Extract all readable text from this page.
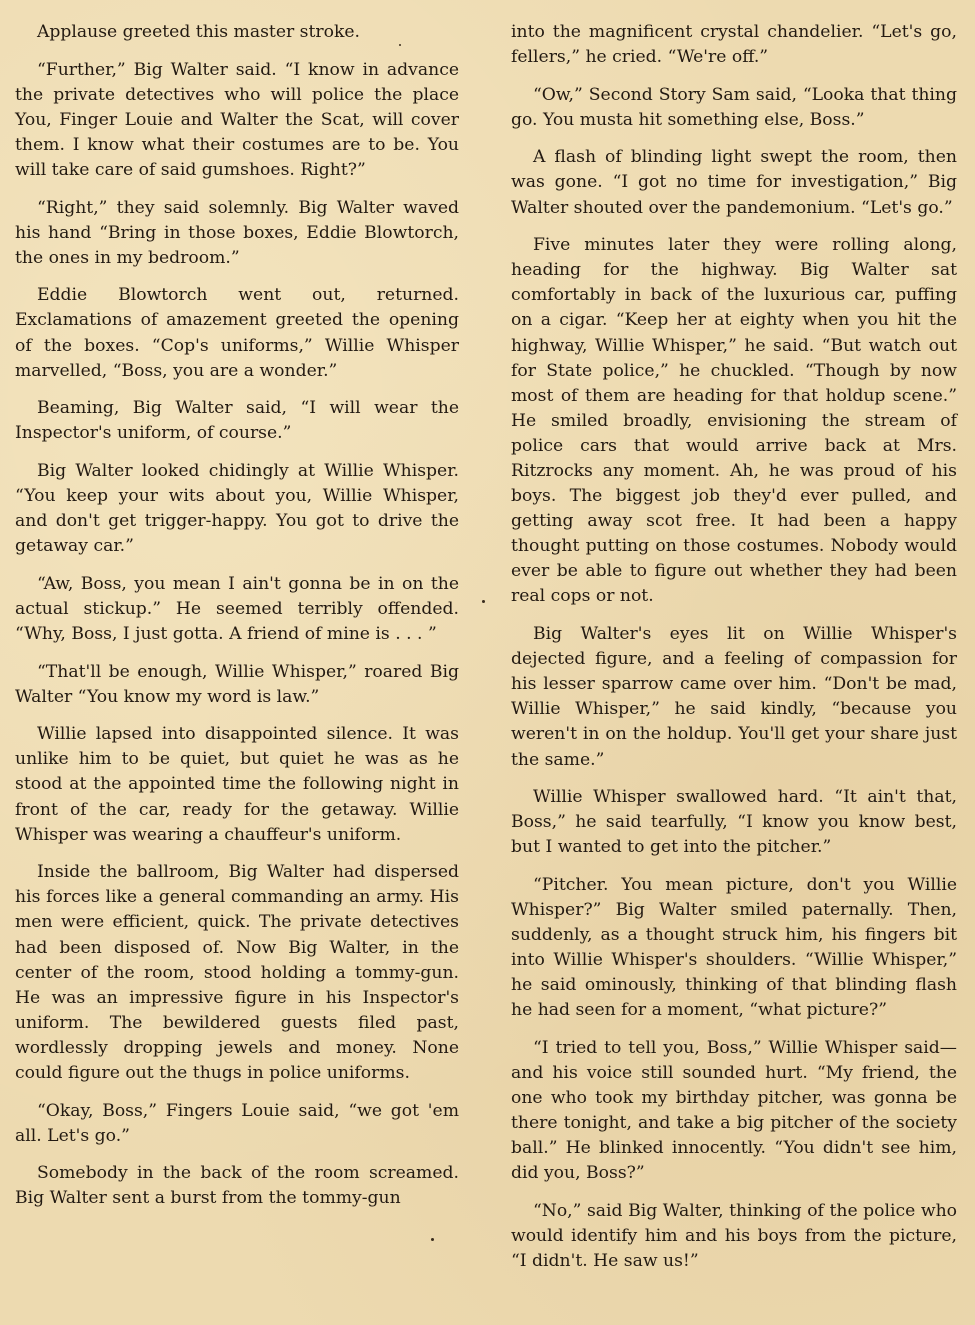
Applause greeted this master stroke.

“Further,” Big Walter said. “I know in advance the private detectives who will police the place You, Finger Louie and Walter the Scat, will cover them. I know what their costumes are to be. You will take care of said gumshoes. Right?”

“Right,” they said solemnly. Big Walter waved his hand “Bring in those boxes, Eddie Blowtorch, the ones in my bedroom.”

Eddie Blowtorch went out, returned. Exclamations of amazement greeted the opening of the boxes. “Cop's uniforms,” Willie Whisper marvelled, “Boss, you are a wonder.”

Beaming, Big Walter said, “I will wear the Inspector's uniform, of course.”

Big Walter looked chidingly at Willie Whisper. “You keep your wits about you, Willie Whisper, and don't get trigger-happy. You got to drive the getaway car.”

“Aw, Boss, you mean I ain't gonna be in on the actual stickup.” He seemed terribly offended. “Why, Boss, I just gotta. A friend of mine is . . . ”

“That'll be enough, Willie Whisper,” roared Big Walter “You know my word is law.”

Willie lapsed into disappointed silence. It was unlike him to be quiet, but quiet he was as he stood at the appointed time the following night in front of the car, ready for the getaway. Willie Whisper was wearing a chauffeur's uniform.

Inside the ballroom, Big Walter had dispersed his forces like a general commanding an army. His men were efficient, quick. The private detectives had been disposed of. Now Big Walter, in the center of the room, stood holding a tommy-gun. He was an impressive figure in his Inspector's uniform. The bewildered guests filed past, wordlessly dropping jewels and money. None could figure out the thugs in police uniforms.

“Okay, Boss,” Fingers Louie said, “we got 'em all. Let's go.”

Somebody in the back of the room screamed. Big Walter sent a burst from the tommy-gun

into the magnificent crystal chandelier. “Let's go, fellers,” he cried. “We're off.”

“Ow,” Second Story Sam said, “Looka that thing go. You musta hit something else, Boss.”

A flash of blinding light swept the room, then was gone. “I got no time for investigation,” Big Walter shouted over the pandemonium. “Let's go.”

Five minutes later they were rolling along, heading for the highway. Big Walter sat comfortably in back of the luxurious car, puffing on a cigar. “Keep her at eighty when you hit the highway, Willie Whisper,” he said. “But watch out for State police,” he chuckled. “Though by now most of them are heading for that holdup scene.” He smiled broadly, envisioning the stream of police cars that would arrive back at Mrs. Ritzrocks any moment. Ah, he was proud of his boys. The biggest job they'd ever pulled, and getting away scot free. It had been a happy thought putting on those costumes. Nobody would ever be able to figure out whether they had been real cops or not.

Big Walter's eyes lit on Willie Whisper's dejected figure, and a feeling of compassion for his lesser sparrow came over him. “Don't be mad, Willie Whisper,” he said kindly, “because you weren't in on the holdup. You'll get your share just the same.”

Willie Whisper swallowed hard. “It ain't that, Boss,” he said tearfully, “I know you know best, but I wanted to get into the pitcher.”

“Pitcher. You mean picture, don't you Willie Whisper?” Big Walter smiled paternally. Then, suddenly, as a thought struck him, his fingers bit into Willie Whisper's shoulders. “Willie Whisper,” he said ominously, thinking of that blinding flash he had seen for a moment, “what picture?”

“I tried to tell you, Boss,” Willie Whisper said—and his voice still sounded hurt. “My friend, the one who took my birthday pitcher, was gonna be there tonight, and take a big pitcher of the society ball.” He blinked innocently. “You didn't see him, did you, Boss?”

“No,” said Big Walter, thinking of the police who would identify him and his boys from the picture, “I didn't. He saw us!”
